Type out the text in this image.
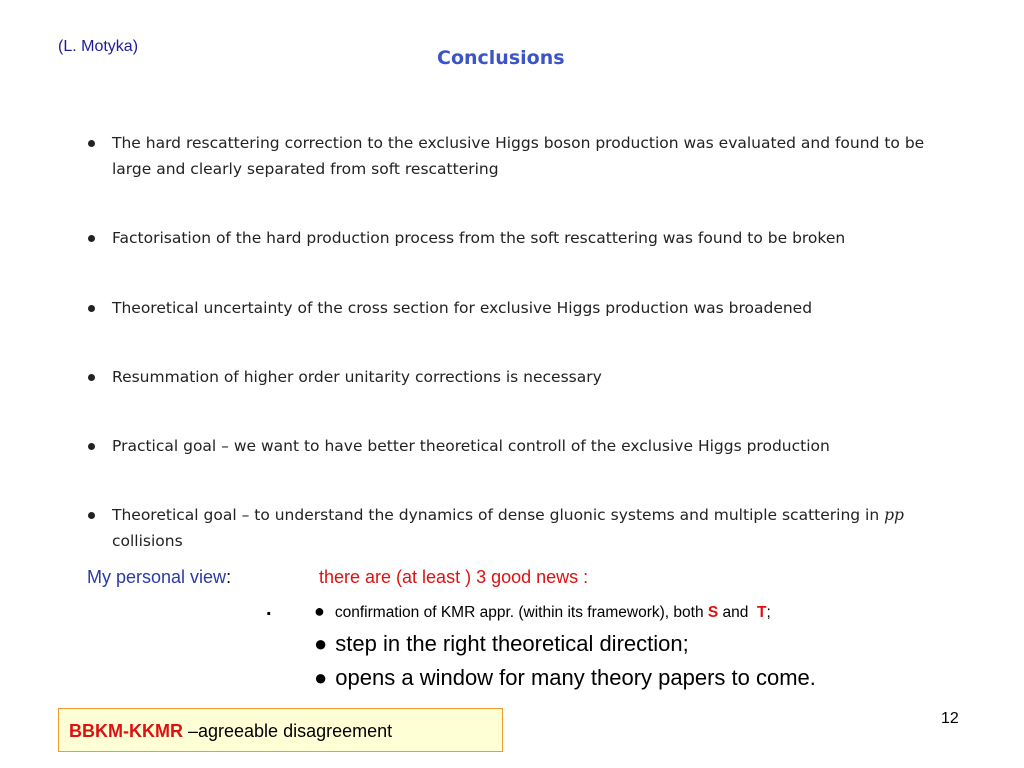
(L. Motyka)
Conclusions
The hard rescattering correction to the exclusive Higgs boson production was evaluated and found to be large and clearly separated from soft rescattering
Factorisation of the hard production process from the soft rescattering was found to be broken
Theoretical uncertainty of the cross section for exclusive Higgs production was broadened
Resummation of higher order unitarity corrections is necessary
Practical goal – we want to have better theoretical controll of the exclusive Higgs production
Theoretical goal – to understand the dynamics of dense gluonic systems and multiple scattering in pp collisions
My personal view:	there are (at least ) 3 good news :
. ● confirmation of KMR appr. (within its framework), both S and  T;
● step in the right theoretical direction;
● opens a window for many theory papers to come.
12
BBKM-KKMR –agreeable disagreement
